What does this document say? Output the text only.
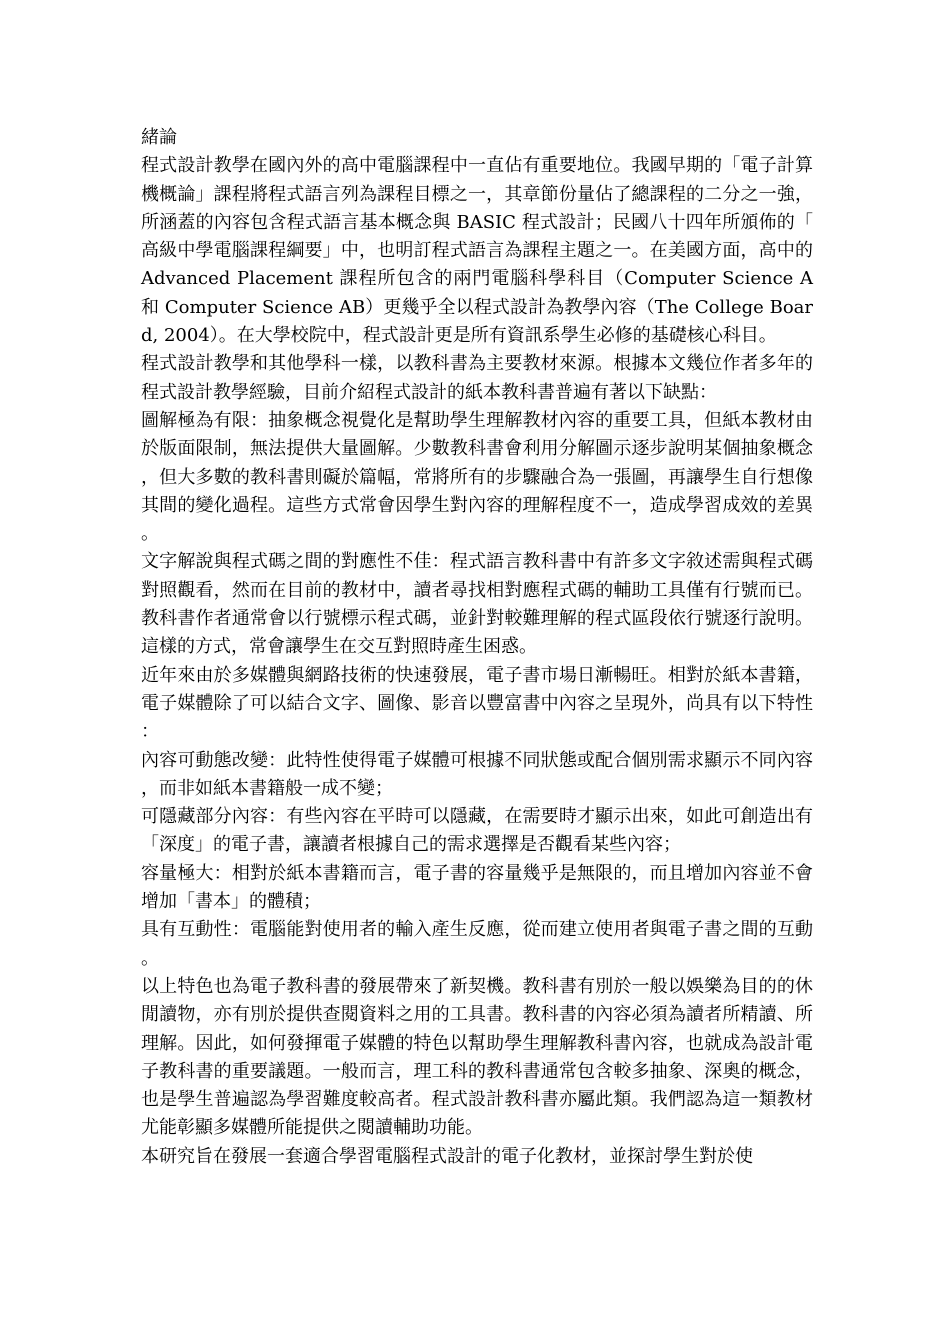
緒論

程式設計教學在國內外的高中電腦課程中一直佔有重要地位。我國早期的「電子計算機概論」課程將程式語言列為課程目標之一，其章節份量佔了總課程的二分之一強，所涵蓋的內容包含程式語言基本概念與 BASIC 程式設計；民國八十四年所頒佈的「高級中學電腦課程綱要」中，也明訂程式語言為課程主題之一。在美國方面，高中的 Advanced Placement 課程所包含的兩門電腦科學科目（Computer Science A 和 Computer Science AB）更幾乎全以程式設計為教學內容（The College Board, 2004）。在大學校院中，程式設計更是所有資訊系學生必修的基礎核心科目。

程式設計教學和其他學科一樣，以教科書為主要教材來源。根據本文幾位作者多年的程式設計教學經驗，目前介紹程式設計的紙本教科書普遍有著以下缺點：

圖解極為有限：抽象概念視覺化是幫助學生理解教材內容的重要工具，但紙本教材由於版面限制，無法提供大量圖解。少數教科書會利用分解圖示逐步說明某個抽象概念，但大多數的教科書則礙於篇幅，常將所有的步驟融合為一張圖，再讓學生自行想像其間的變化過程。這些方式常會因學生對內容的理解程度不一，造成學習成效的差異。

文字解說與程式碼之間的對應性不佳：程式語言教科書中有許多文字敘述需與程式碼對照觀看，然而在目前的教材中，讀者尋找相對應程式碼的輔助工具僅有行號而已。教科書作者通常會以行號標示程式碼，並針對較難理解的程式區段依行號逐行說明。這樣的方式，常會讓學生在交互對照時產生困惑。

近年來由於多媒體與網路技術的快速發展，電子書市場日漸暢旺。相對於紙本書籍，電子媒體除了可以結合文字、圖像、影音以豐富書中內容之呈現外，尚具有以下特性：

內容可動態改變：此特性使得電子媒體可根據不同狀態或配合個別需求顯示不同內容，而非如紙本書籍般一成不變；

可隱藏部分內容：有些內容在平時可以隱藏，在需要時才顯示出來，如此可創造出有「深度」的電子書，讓讀者根據自己的需求選擇是否觀看某些內容；

容量極大：相對於紙本書籍而言，電子書的容量幾乎是無限的，而且增加內容並不會增加「書本」的體積；

具有互動性：電腦能對使用者的輸入產生反應，從而建立使用者與電子書之間的互動。

以上特色也為電子教科書的發展帶來了新契機。教科書有別於一般以娛樂為目的的休閒讀物，亦有別於提供查閱資料之用的工具書。教科書的內容必須為讀者所精讀、所理解。因此，如何發揮電子媒體的特色以幫助學生理解教科書內容，也就成為設計電子教科書的重要議題。一般而言，理工科的教科書通常包含較多抽象、深奧的概念，也是學生普遍認為學習難度較高者。程式設計教科書亦屬此類。我們認為這一類教材尤能彰顯多媒體所能提供之閱讀輔助功能。

本研究旨在發展一套適合學習電腦程式設計的電子化教材，並探討學生對於使
